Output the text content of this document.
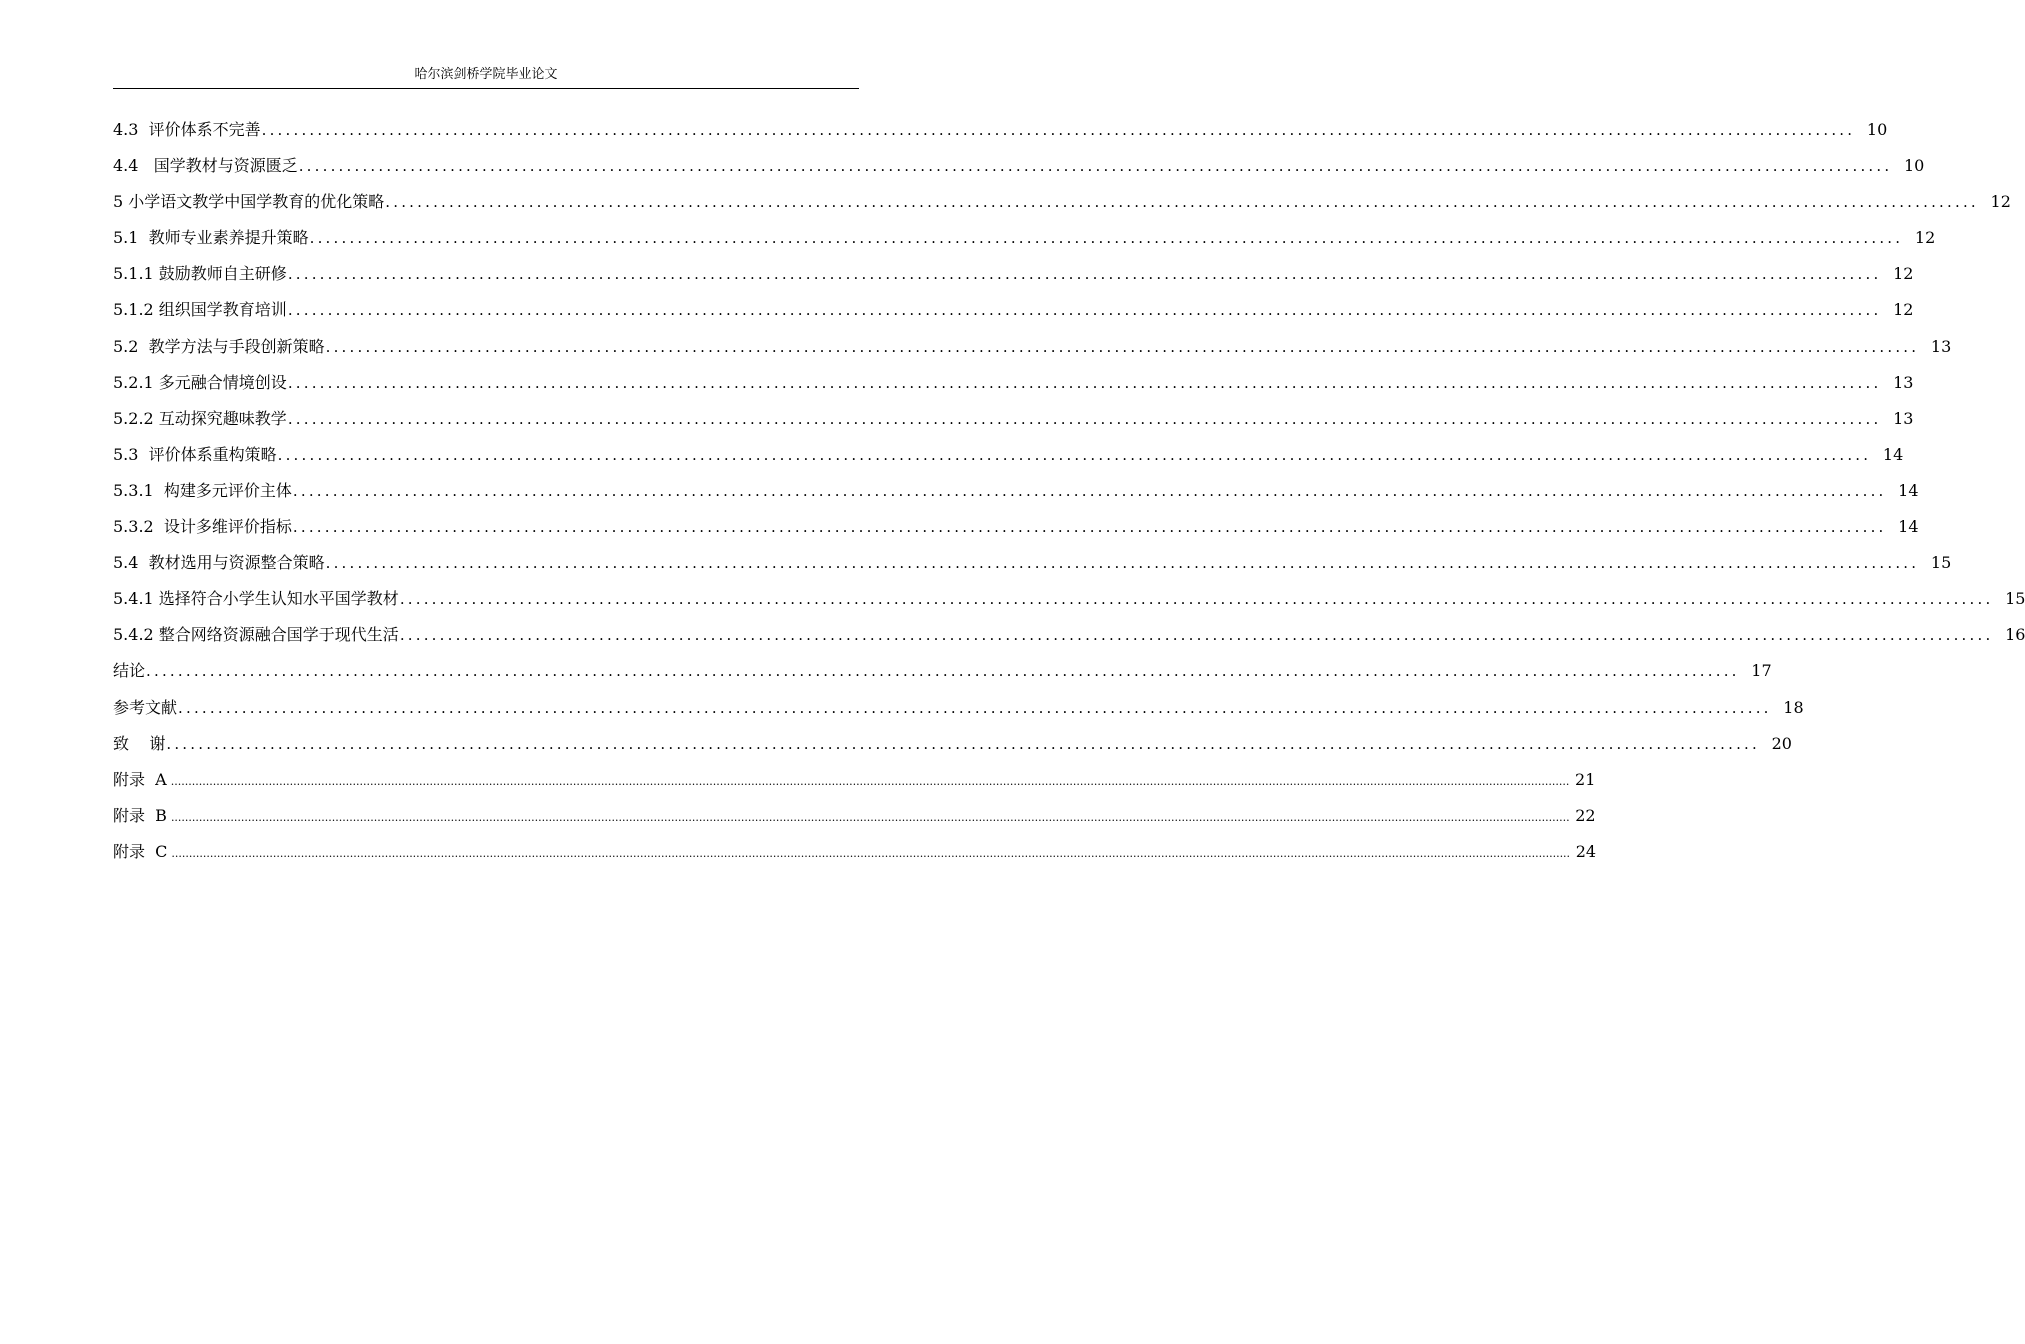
哈尔滨剑桥学院毕业论文
4.3  评价体系不完善 ........................................................................................................................................................................................................ 10
4.4   国学教材与资源匮乏 ........................................................................................................................................................................................................ 10
5 小学语文教学中国学教育的优化策略 ........................................................................................................................................................................................................ 12
5.1  教师专业素养提升策略 ........................................................................................................................................................................................................ 12
5.1.1 鼓励教师自主研修 ........................................................................................................................................................................................................ 12
5.1.2 组织国学教育培训 ........................................................................................................................................................................................................ 12
5.2  教学方法与手段创新策略 ........................................................................................................................................................................................................ 13
5.2.1 多元融合情境创设 ........................................................................................................................................................................................................ 13
5.2.2 互动探究趣味教学 ........................................................................................................................................................................................................ 13
5.3  评价体系重构策略 ........................................................................................................................................................................................................ 14
5.3.1  构建多元评价主体 ........................................................................................................................................................................................................ 14
5.3.2  设计多维评价指标 ........................................................................................................................................................................................................ 14
5.4  教材选用与资源整合策略 ........................................................................................................................................................................................................ 15
5.4.1 选择符合小学生认知水平国学教材 ........................................................................................................................................................................................................ 15
5.4.2 整合网络资源融合国学于现代生活 ........................................................................................................................................................................................................ 16
结论 ........................................................................................................................................................................................................ 17
参考文献 ........................................................................................................................................................................................................ 18
致    谢 ........................................................................................................................................................................................................ 20
附录  A ................................................................................................................................................................................................................................................................................................................................................................................................................ 21
附录  B ................................................................................................................................................................................................................................................................................................................................................................................................................ 22
附录  C ................................................................................................................................................................................................................................................................................................................................................................................................................ 24
